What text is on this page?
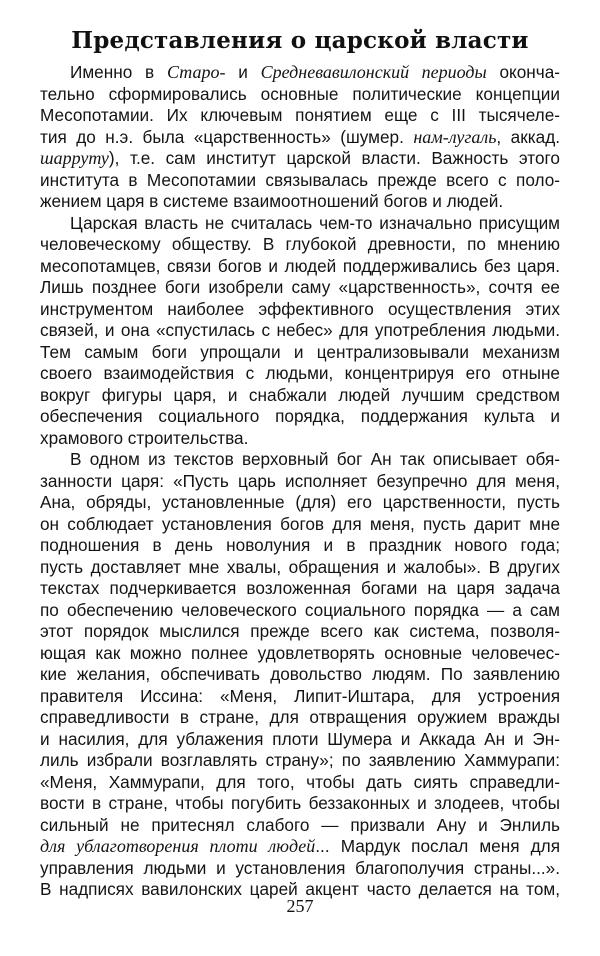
Представления о царской власти
Именно в Старо- и Средневавилонский периоды оконча-
тельно сформировались основные политические концепции
Месопотамии. Их ключевым понятием еще с III тысячеле-
тия до н.э. была «царственность» (шумер. нам-лугаль, аккад.
шарруту), т.е. сам институт царской власти. Важность этого
института в Месопотамии связывалась прежде всего с поло-
жением царя в системе взаимоотношений богов и людей.
Царская власть не считалась чем-то изначально присущим
человеческому обществу. В глубокой древности, по мнению
месопотамцев, связи богов и людей поддерживались без царя.
Лишь позднее боги изобрели саму «царственность», сочтя ее
инструментом наиболее эффективного осуществления этих
связей, и она «спустилась с небес» для употребления людьми.
Тем самым боги упрощали и централизовывали механизм
своего взаимодействия с людьми, концентрируя его отныне
вокруг фигуры царя, и снабжали людей лучшим средством
обеспечения социального порядка, поддержания культа и
храмового строительства.
В одном из текстов верховный бог Ан так описывает обя-
занности царя: «Пусть царь исполняет безупречно для меня,
Ана, обряды, установленные (для) его царственности, пусть
он соблюдает установления богов для меня, пусть дарит мне
подношения в день новолуния и в праздник нового года;
пусть доставляет мне хвалы, обращения и жалобы». В других
текстах подчеркивается возложенная богами на царя задача
по обеспечению человеческого социального порядка — а сам
этот порядок мыслился прежде всего как система, позволя-
ющая как можно полнее удовлетворять основные человечес-
кие желания, обспечивать довольство людям. По заявлению
правителя Иссина: «Меня, Липит-Иштара, для устроения
справедливости в стране, для отвращения оружием вражды
и насилия, для ублажения плоти Шумера и Аккада Ан и Эн-
лиль избрали возглавлять страну»; по заявлению Хаммурапи:
«Меня, Хаммурапи, для того, чтобы дать сиять справедли-
вости в стране, чтобы погубить беззаконных и злодеев, чтобы
сильный не притеснял слабого — призвали Ану и Энлиль
для ублаготворения плоти людей... Мардук послал меня для
управления людьми и установления благополучия страны...».
В надписях вавилонских царей акцент часто делается на том,
257
